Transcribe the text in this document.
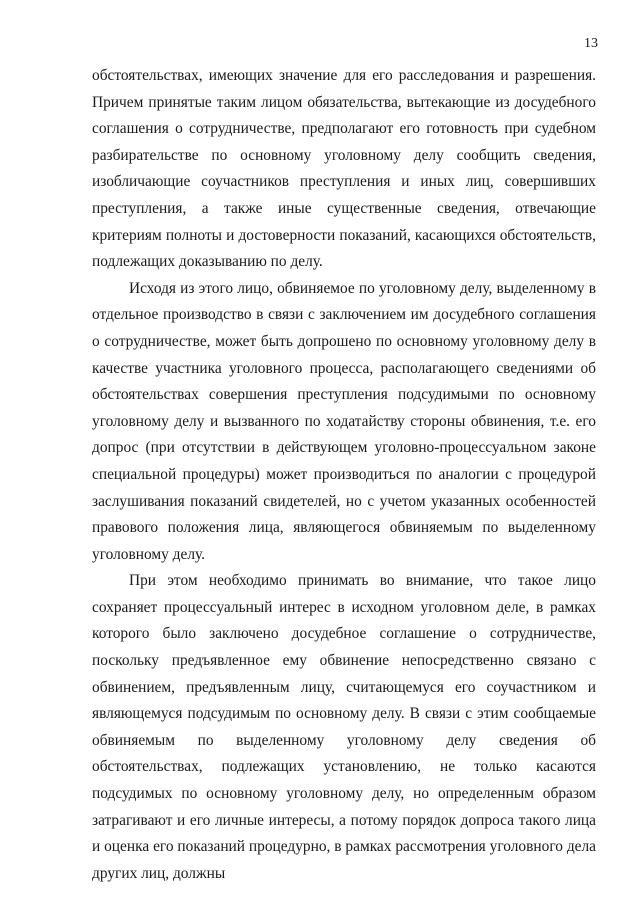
13

обстоятельствах, имеющих значение для его расследования и разрешения. Причем принятые таким лицом обязательства, вытекающие из досудебного соглашения о сотрудничестве, предполагают его готовность при судебном разбирательстве по основному уголовному делу сообщить сведения, изобличающие соучастников преступления и иных лиц, совершивших преступления, а также иные существенные сведения, отвечающие критериям полноты и достоверности показаний, касающихся обстоятельств, подлежащих доказыванию по делу.

Исходя из этого лицо, обвиняемое по уголовному делу, выделенному в отдельное производство в связи с заключением им досудебного соглашения о сотрудничестве, может быть допрошено по основному уголовному делу в качестве участника уголовного процесса, располагающего сведениями об обстоятельствах совершения преступления подсудимыми по основному уголовному делу и вызванного по ходатайству стороны обвинения, т.е. его допрос (при отсутствии в действующем уголовно-процессуальном законе специальной процедуры) может производиться по аналогии с процедурой заслушивания показаний свидетелей, но с учетом указанных особенностей правового положения лица, являющегося обвиняемым по выделенному уголовному делу.

При этом необходимо принимать во внимание, что такое лицо сохраняет процессуальный интерес в исходном уголовном деле, в рамках которого было заключено досудебное соглашение о сотрудничестве, поскольку предъявленное ему обвинение непосредственно связано с обвинением, предъявленным лицу, считающемуся его соучастником и являющемуся подсудимым по основному делу. В связи с этим сообщаемые обвиняемым по выделенному уголовному делу сведения об обстоятельствах, подлежащих установлению, не только касаются подсудимых по основному уголовному делу, но определенным образом затрагивают и его личные интересы, а потому порядок допроса такого лица и оценка его показаний процедурно, в рамках рассмотрения уголовного дела других лиц, должны
